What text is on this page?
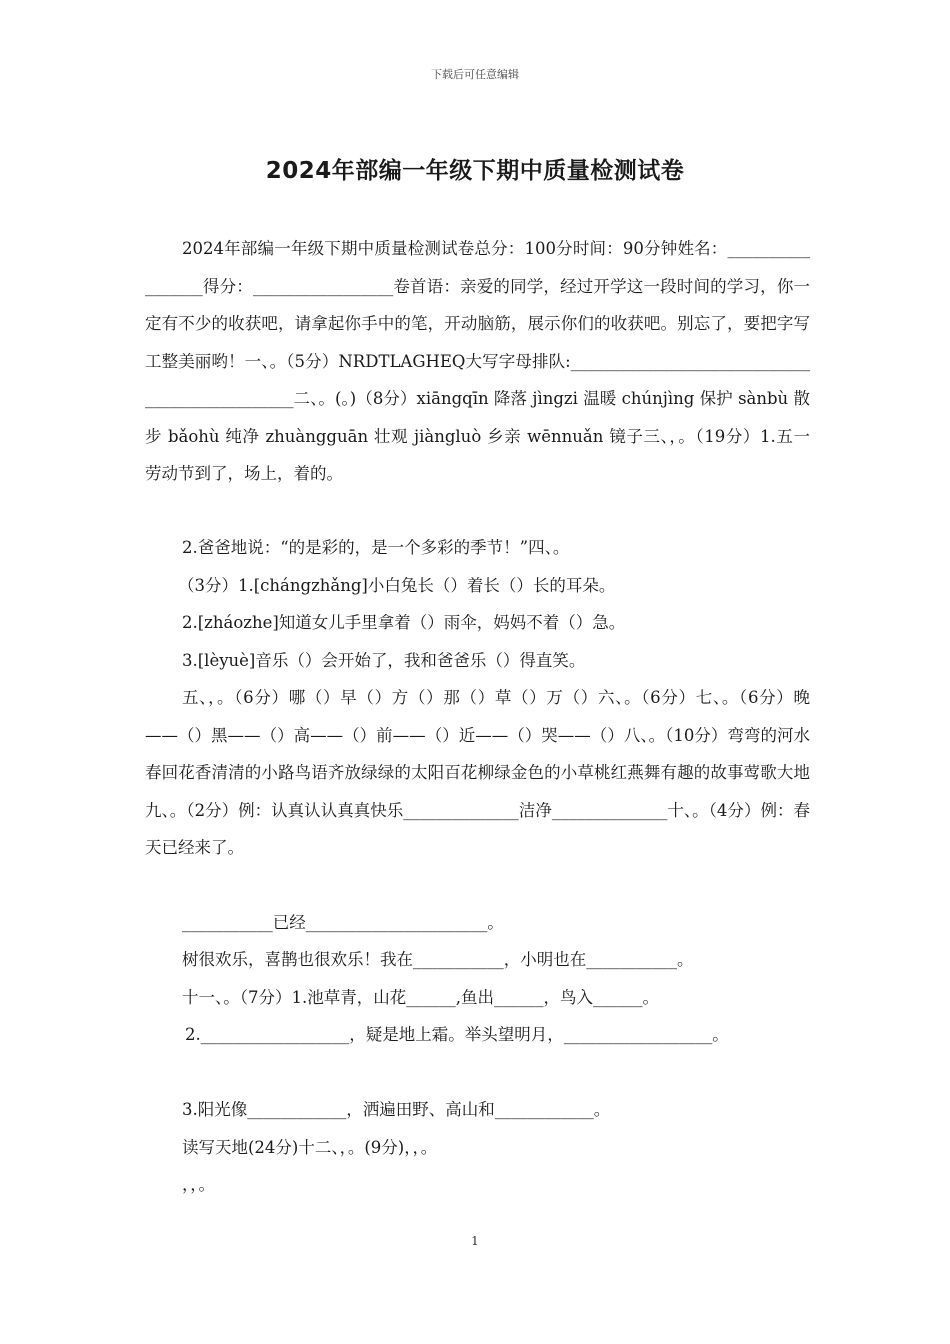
下载后可任意编辑
2024年部编一年级下期中质量检测试卷
2024年部编一年级下期中质量检测试卷总分：100分时间：90分钟姓名：_________________得分：_________________卷首语：亲爱的同学，经过开学这一段时间的学习，你一定有不少的收获吧，请拿起你手中的笔，开动脑筋，展示你们的收获吧。别忘了，要把字写工整美丽哟！一、。（5分）NRDTLAGHEQ大写字母排队:_______________________________________________二、。(。)（8分）xiāngqīn 降落 jìngzi 温暖 chúnjìng 保护 sànbù 散步 bǎohù 纯净 zhuàngguān 壮观 jiàngluò 乡亲 wēnnuǎn 镜子三、，。（19分）1.五一劳动节到了，场上，着的。
2.爸爸地说：“的是彩的，是一个多彩的季节！”四、。
（3分）1.[chángzhǎng]小白兔长（）着长（）长的耳朵。
2.[zháozhe]知道女儿手里拿着（）雨伞，妈妈不着（）急。
3.[lèyuè]音乐（）会开始了，我和爸爸乐（）得直笑。
五、，。（6分）哪（）早（）方（）那（）草（）万（）六、。（6分）七、。（6分）晚——（）黑——（）高——（）前——（）近——（）哭——（）八、。（10分）弯弯的河水春回花香清清的小路鸟语齐放绿绿的太阳百花柳绿金色的小草桃红燕舞有趣的故事莺歌大地九、。（2分）例：认真认认真真快乐______________洁净______________十、。（4分）例：春天已经来了。
___________已经______________________。
树很欢乐，喜鹊也很欢乐！我在___________，小明也在___________。
十一、。（7分）1.池草青，山花______,鱼出______，鸟入______。
2.__________________，疑是地上霜。举头望明月，__________________。
3.阳光像____________，洒遍田野、高山和____________。
读写天地(24分)十二、，。(9分)，，。
，，。
1
